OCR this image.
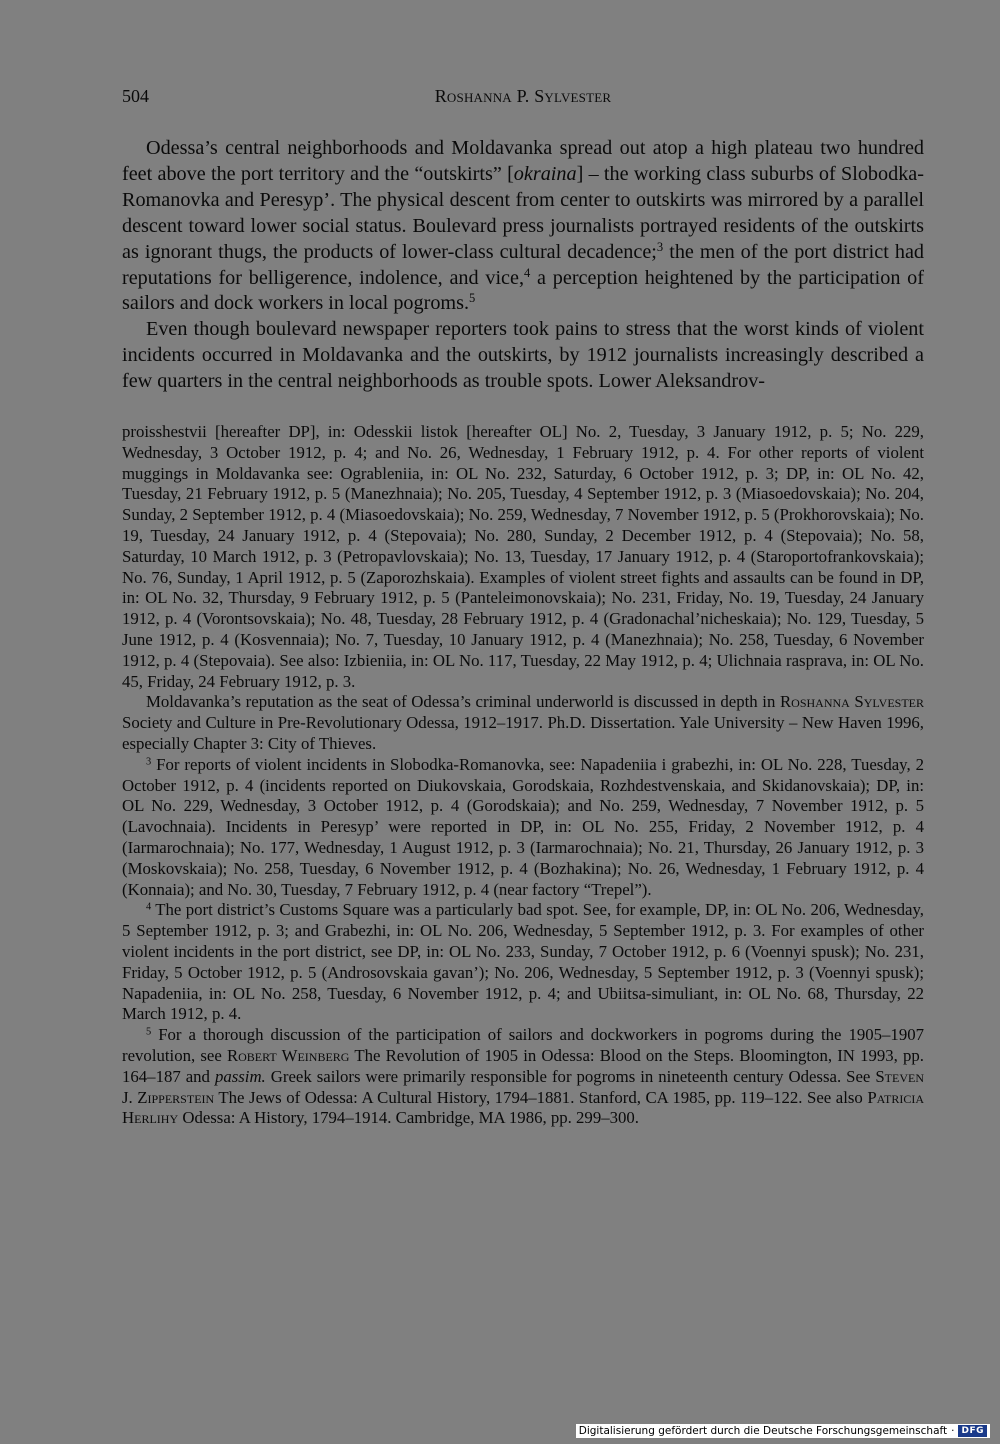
504	Roshanna P. Sylvester

Odessa’s central neighborhoods and Moldavanka spread out atop a high plateau two hundred feet above the port territory and the “outskirts” [okraina] – the working class suburbs of Slobodka-Romanovka and Peresyp’. The physical descent from center to outskirts was mirrored by a parallel descent toward lower social status. Boulevard press journalists portrayed residents of the outskirts as ignorant thugs, the products of lower-class cultural decadence;$^3$ the men of the port district had reputations for belligerence, indolence, and vice,$^4$ a perception heightened by the participation of sailors and dock workers in local pogroms.$^5$

Even though boulevard newspaper reporters took pains to stress that the worst kinds of violent incidents occurred in Moldavanka and the outskirts, by 1912 journalists increasingly described a few quarters in the central neighborhoods as trouble spots. Lower Aleksandrov-

proisshestvii [hereafter DP], in: Odesskii listok [hereafter OL] No. 2, Tuesday, 3 January 1912, p. 5; No. 229, Wednesday, 3 October 1912, p. 4; and No. 26, Wednesday, 1 February 1912, p. 4. For other reports of violent muggings in Moldavanka see: Ogrableniia, in: OL No. 232, Saturday, 6 October 1912, p. 3; DP, in: OL No. 42, Tuesday, 21 February 1912, p. 5 (Manezhnaia); No. 205, Tuesday, 4 September 1912, p. 3 (Miasoedovskaia); No. 204, Sunday, 2 September 1912, p. 4 (Miasoedovskaia); No. 259, Wednesday, 7 November 1912, p. 5 (Prokhorovskaia); No. 19, Tuesday, 24 January 1912, p. 4 (Stepovaia); No. 280, Sunday, 2 December 1912, p. 4 (Stepovaia); No. 58, Saturday, 10 March 1912, p. 3 (Petropavlovskaia); No. 13, Tuesday, 17 January 1912, p. 4 (Staroportofrankovskaia); No. 76, Sunday, 1 April 1912, p. 5 (Zaporozhskaia). Examples of violent street fights and assaults can be found in DP, in: OL No. 32, Thursday, 9 February 1912, p. 5 (Panteleimonovskaia); No. 231, Friday, No. 19, Tuesday, 24 January 1912, p. 4 (Vorontsovskaia); No. 48, Tuesday, 28 February 1912, p. 4 (Gradonachal’nicheskaia); No. 129, Tuesday, 5 June 1912, p. 4 (Kosvennaia); No. 7, Tuesday, 10 January 1912, p. 4 (Manezhnaia); No. 258, Tuesday, 6 November 1912, p. 4 (Stepovaia). See also: Izbieniia, in: OL No. 117, Tuesday, 22 May 1912, p. 4; Ulichnaia rasprava, in: OL No. 45, Friday, 24 February 1912, p. 3.

Moldavanka’s reputation as the seat of Odessa’s criminal underworld is discussed in depth in Roshanna Sylvester Society and Culture in Pre-Revolutionary Odessa, 1912–1917. Ph.D. Dissertation. Yale University – New Haven 1996, especially Chapter 3: City of Thieves.

$^3$ For reports of violent incidents in Slobodka-Romanovka, see: Napadeniia i grabezhi, in: OL No. 228, Tuesday, 2 October 1912, p. 4 (incidents reported on Diukovskaia, Gorodskaia, Rozhdestvenskaia, and Skidanovskaia); DP, in: OL No. 229, Wednesday, 3 October 1912, p. 4 (Gorodskaia); and No. 259, Wednesday, 7 November 1912, p. 5 (Lavochnaia). Incidents in Peresyp’ were reported in DP, in: OL No. 255, Friday, 2 November 1912, p. 4 (Iarmarochnaia); No. 177, Wednesday, 1 August 1912, p. 3 (Iarmarochnaia); No. 21, Thursday, 26 January 1912, p. 3 (Moskovskaia); No. 258, Tuesday, 6 November 1912, p. 4 (Bozhakina); No. 26, Wednesday, 1 February 1912, p. 4 (Konnaia); and No. 30, Tuesday, 7 February 1912, p. 4 (near factory “Trepel”).

$^4$ The port district’s Customs Square was a particularly bad spot. See, for example, DP, in: OL No. 206, Wednesday, 5 September 1912, p. 3; and Grabezhi, in: OL No. 206, Wednesday, 5 September 1912, p. 3. For examples of other violent incidents in the port district, see DP, in: OL No. 233, Sunday, 7 October 1912, p. 6 (Voennyi spusk); No. 231, Friday, 5 October 1912, p. 5 (Androsovskaia gavan’); No. 206, Wednesday, 5 September 1912, p. 3 (Voennyi spusk); Napadeniia, in: OL No. 258, Tuesday, 6 November 1912, p. 4; and Ubiitsa-simuliant, in: OL No. 68, Thursday, 22 March 1912, p. 4.

$^5$ For a thorough discussion of the participation of sailors and dockworkers in pogroms during the 1905–1907 revolution, see Robert Weinberg The Revolution of 1905 in Odessa: Blood on the Steps. Bloomington, IN 1993, pp. 164–187 and passim. Greek sailors were primarily responsible for pogroms in nineteenth century Odessa. See Steven J. Zipperstein The Jews of Odessa: A Cultural History, 1794–1881. Stanford, CA 1985, pp. 119–122. See also Patricia Herlihy Odessa: A History, 1794–1914. Cambridge, MA 1986, pp. 299–300.

Digitalisierung gefördert durch die Deutsche Forschungsgemeinschaft · DFG
